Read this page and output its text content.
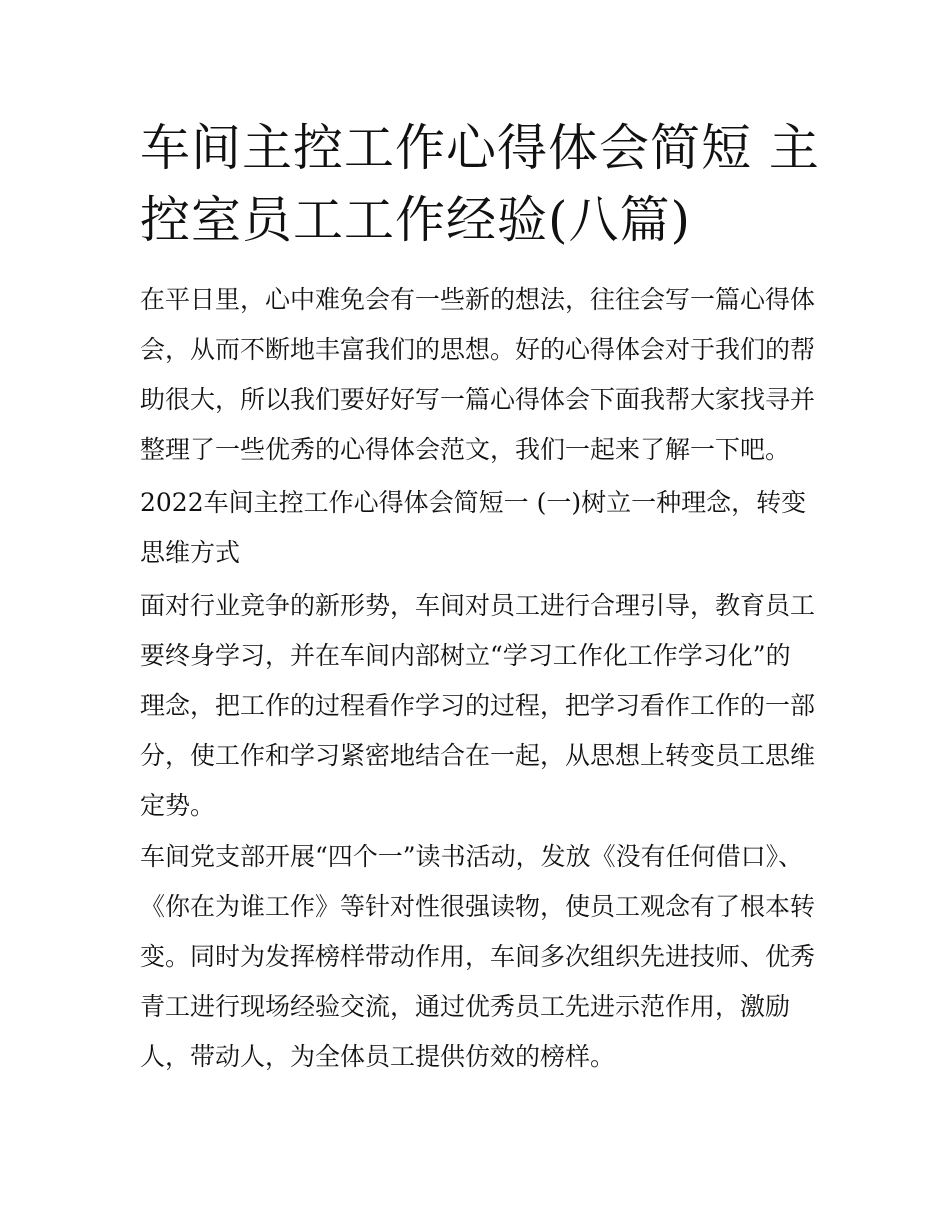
车间主控工作心得体会简短 主控室员工工作经验(八篇)

在平日里，心中难免会有一些新的想法，往往会写一篇心得体会，从而不断地丰富我们的思想。好的心得体会对于我们的帮助很大，所以我们要好好写一篇心得体会下面我帮大家找寻并整理了一些优秀的心得体会范文，我们一起来了解一下吧。

2022车间主控工作心得体会简短一 (一)树立一种理念，转变思维方式

面对行业竞争的新形势，车间对员工进行合理引导，教育员工要终身学习，并在车间内部树立“学习工作化工作学习化”的理念，把工作的过程看作学习的过程，把学习看作工作的一部分，使工作和学习紧密地结合在一起，从思想上转变员工思维定势。

车间党支部开展“四个一”读书活动，发放《没有任何借口》、《你在为谁工作》等针对性很强读物，使员工观念有了根本转变。同时为发挥榜样带动作用，车间多次组织先进技师、优秀青工进行现场经验交流，通过优秀员工先进示范作用，激励人，带动人，为全体员工提供仿效的榜样。
